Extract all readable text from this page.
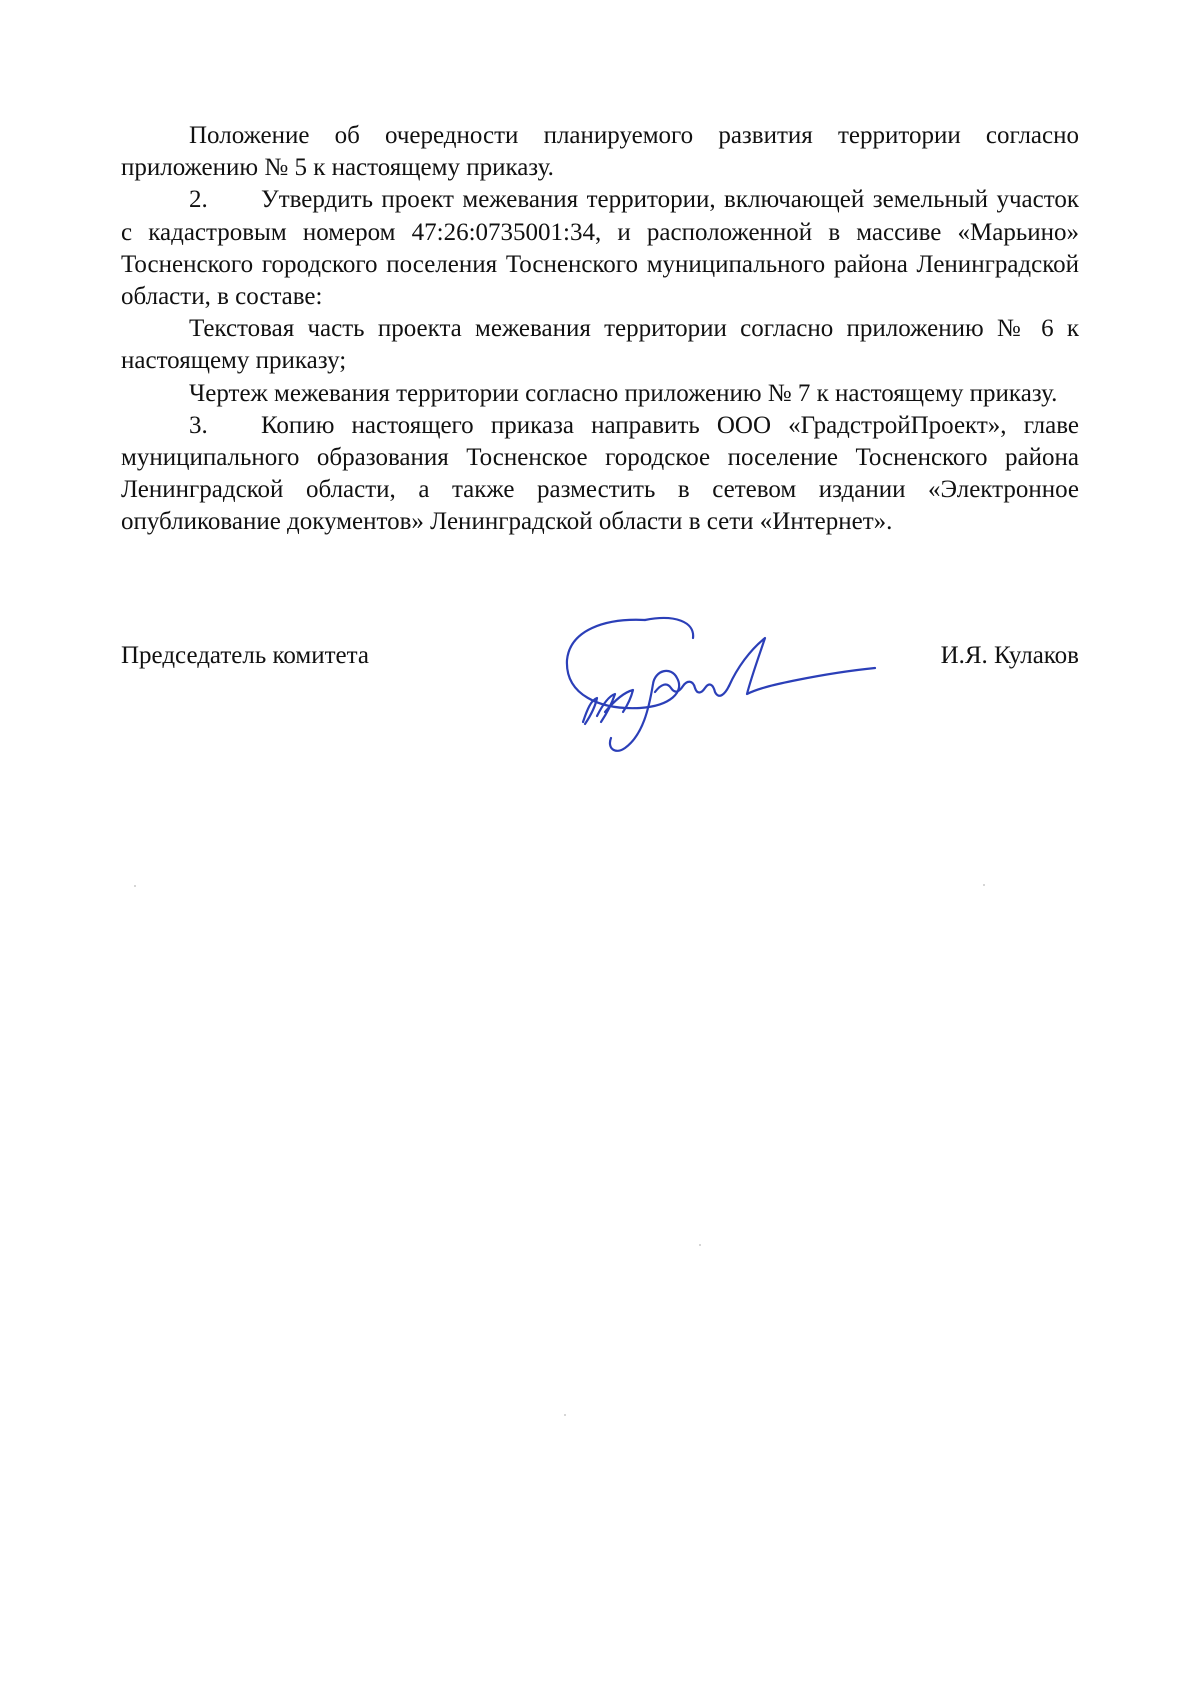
Положение об очередности планируемого развития территории согласно приложению № 5 к настоящему приказу.

2. Утвердить проект межевания территории, включающей земельный участок с кадастровым номером 47:26:0735001:34, и расположенной в массиве «Марьино» Тосненского городского поселения Тосненского муниципального района Ленинградской области, в составе:

Текстовая часть проекта межевания территории согласно приложению № 6 к настоящему приказу;

Чертеж межевания территории согласно приложению № 7 к настоящему приказу.

3. Копию настоящего приказа направить ООО «ГрадстройПроект», главе муниципального образования Тосненское городское поселение Тосненского района Ленинградской области, а также разместить в сетевом издании «Электронное опубликование документов» Ленинградской области в сети «Интернет».

Председатель комитета	И.Я. Кулаков
